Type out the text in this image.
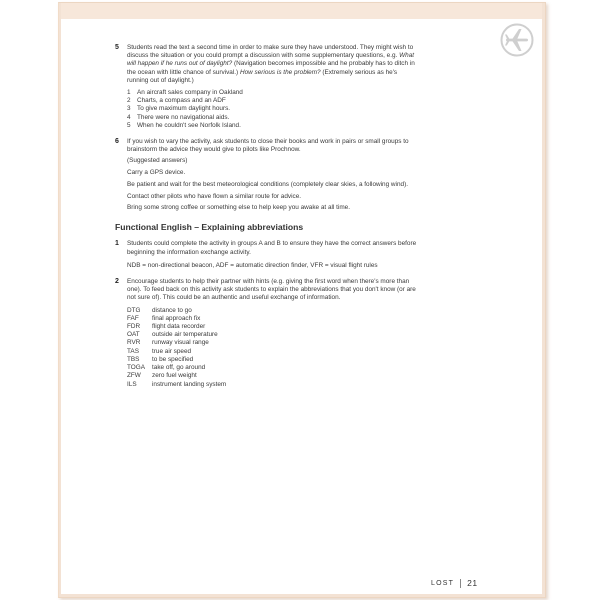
5 Students read the text a second time in order to make sure they have understood. They might wish to discuss the situation or you could prompt a discussion with some supplementary questions, e.g. What will happen if he runs out of daylight? (Navigation becomes impossible and he probably has to ditch in the ocean with little chance of survival.) How serious is the problem? (Extremely serious as he's running out of daylight.)
1	An aircraft sales company in Oakland
2	Charts, a compass and an ADF
3	To give maximum daylight hours.
4	There were no navigational aids.
5	When he couldn't see Norfolk Island.
6 If you wish to vary the activity, ask students to close their books and work in pairs or small groups to brainstorm the advice they would give to pilots like Prochnow.
(Suggested answers)
Carry a GPS device.
Be patient and wait for the best meteorological conditions (completely clear skies, a following wind).
Contact other pilots who have flown a similar route for advice.
Bring some strong coffee or something else to help keep you awake at all time.
Functional English – Explaining abbreviations
1 Students could complete the activity in groups A and B to ensure they have the correct answers before beginning the information exchange activity.
NDB = non-directional beacon, ADF = automatic direction finder, VFR = visual flight rules
2 Encourage students to help their partner with hints (e.g. giving the first word when there's more than one). To feed back on this activity ask students to explain the abbreviations that you don't know (or are not sure of). This could be an authentic and useful exchange of information.
DTG	distance to go
FAF	final approach fix
FDR	flight data recorder
OAT	outside air temperature
RVR	runway visual range
TAS	true air speed
TBS	to be specified
TOGA	take off, go around
ZFW	zero fuel weight
ILS	instrument landing system
LOST 21
